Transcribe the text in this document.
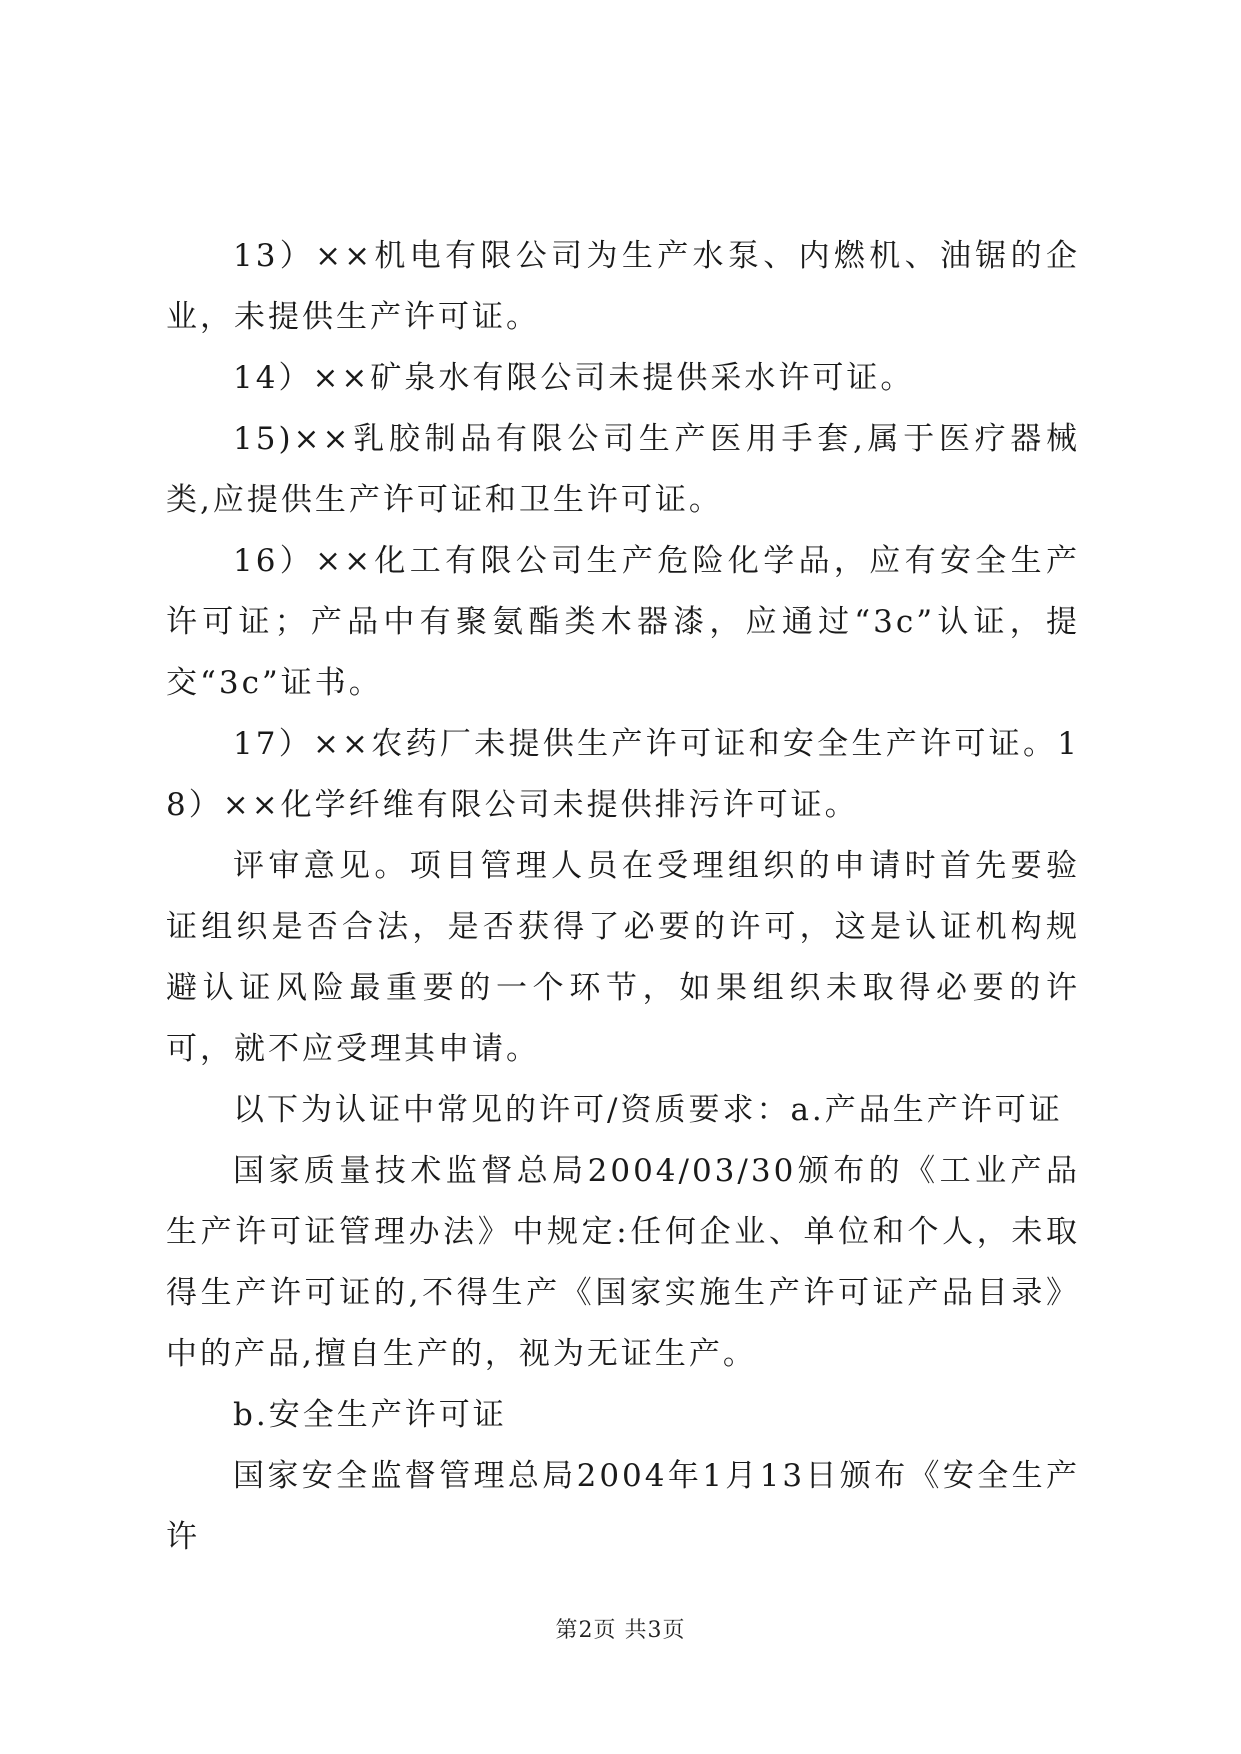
13）××机电有限公司为生产水泵、内燃机、油锯的企业，未提供生产许可证。

14）××矿泉水有限公司未提供采水许可证。

15)××乳胶制品有限公司生产医用手套,属于医疗器械类,应提供生产许可证和卫生许可证。

16）××化工有限公司生产危险化学品，应有安全生产许可证；产品中有聚氨酯类木器漆，应通过“3c”认证，提交“3c”证书。

17）××农药厂未提供生产许可证和安全生产许可证。18）××化学纤维有限公司未提供排污许可证。

评审意见。项目管理人员在受理组织的申请时首先要验证组织是否合法，是否获得了必要的许可，这是认证机构规避认证风险最重要的一个环节，如果组织未取得必要的许可，就不应受理其申请。

以下为认证中常见的许可/资质要求：a.产品生产许可证

国家质量技术监督总局2004/03/30颁布的《工业产品生产许可证管理办法》中规定:任何企业、单位和个人，未取得生产许可证的,不得生产《国家实施生产许可证产品目录》中的产品,擅自生产的，视为无证生产。

b.安全生产许可证

国家安全监督管理总局2004年1月13日颁布《安全生产许

第2页 共3页
